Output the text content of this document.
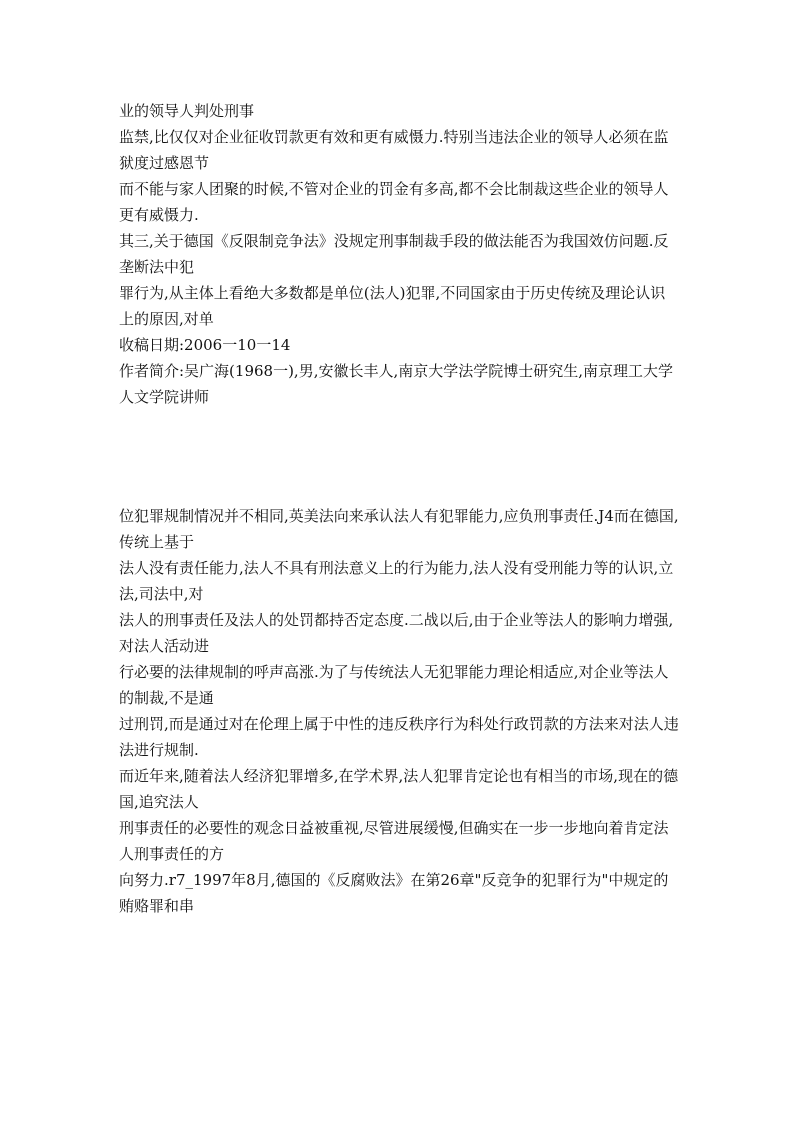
业的领导人判处刑事

监禁,比仅仅对企业征收罚款更有效和更有威慑力.特别当违法企业的领导人必须在监狱度过感恩节

而不能与家人团聚的时候,不管对企业的罚金有多高,都不会比制裁这些企业的领导人更有威慑力.

其三,关于德国《反限制竞争法》没规定刑事制裁手段的做法能否为我国效仿问题.反垄断法中犯

罪行为,从主体上看绝大多数都是单位(法人)犯罪,不同国家由于历史传统及理论认识上的原因,对单

收稿日期:2006一10一14

作者简介:吴广海(1968一),男,安徽长丰人,南京大学法学院博士研究生,南京理工大学人文学院讲师

位犯罪规制情况并不相同,英美法向来承认法人有犯罪能力,应负刑事责任.J4而在德国,传统上基于

法人没有责任能力,法人不具有刑法意义上的行为能力,法人没有受刑能力等的认识,立法,司法中,对

法人的刑事责任及法人的处罚都持否定态度.二战以后,由于企业等法人的影响力增强,对法人活动进

行必要的法律规制的呼声高涨.为了与传统法人无犯罪能力理论相适应,对企业等法人的制裁,不是通

过刑罚,而是通过对在伦理上属于中性的违反秩序行为科处行政罚款的方法来对法人违法进行规制.

而近年来,随着法人经济犯罪增多,在学术界,法人犯罪肯定论也有相当的市场,现在的德国,追究法人

刑事责任的必要性的观念日益被重视,尽管进展缓慢,但确实在一步一步地向着肯定法人刑事责任的方

向努力.r7_1997年8月,德国的《反腐败法》在第26章"反竞争的犯罪行为"中规定的贿赂罪和串
